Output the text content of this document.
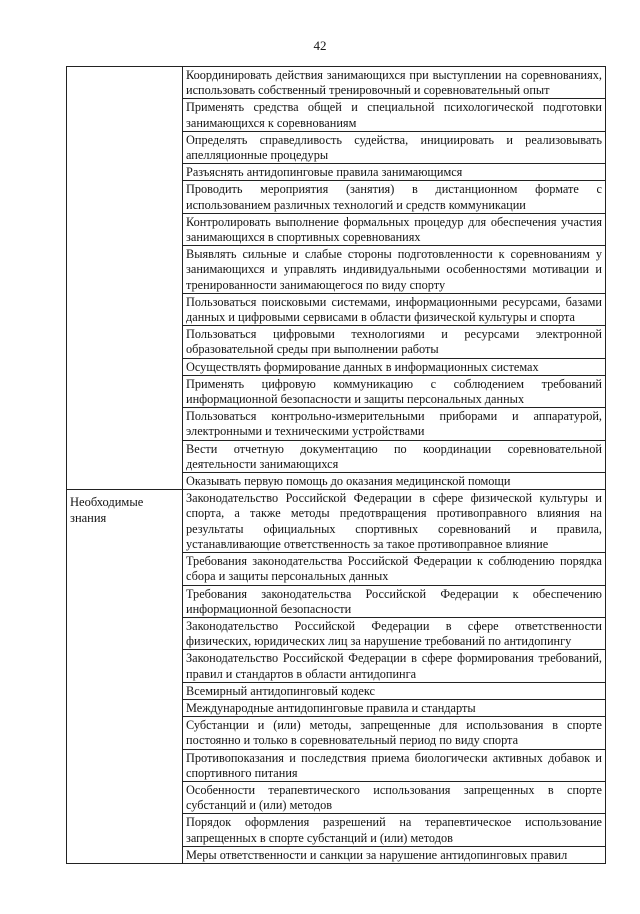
42

	Координировать действия занимающихся при выступлении на соревнованиях, использовать собственный тренировочный и соревновательный опыт

	Применять средства общей и специальной психологической подготовки занимающихся к соревнованиям

	Определять справедливость судейства, инициировать и реализовывать апелляционные процедуры

	Разъяснять антидопинговые правила занимающимся

	Проводить мероприятия (занятия) в дистанционном формате с использованием различных технологий и средств коммуникации

	Контролировать выполнение формальных процедур для обеспечения участия занимающихся в спортивных соревнованиях

	Выявлять сильные и слабые стороны подготовленности к соревнованиям у занимающихся и управлять индивидуальными особенностями мотивации и тренированности занимающегося по виду спорту

	Пользоваться поисковыми системами, информационными ресурсами, базами данных и цифровыми сервисами в области физической культуры и спорта

	Пользоваться цифровыми технологиями и ресурсами электронной образовательной среды при выполнении работы

	Осуществлять формирование данных в информационных системах

	Применять цифровую коммуникацию с соблюдением требований информационной безопасности и защиты персональных данных

	Пользоваться контрольно-измерительными приборами и аппаратурой, электронными и техническими устройствами

	Вести отчетную документацию по координации соревновательной деятельности занимающихся

	Оказывать первую помощь до оказания медицинской помощи

Необходимые знания	Законодательство Российской Федерации в сфере физической культуры и спорта, а также методы предотвращения противоправного влияния на результаты официальных спортивных соревнований и правила, устанавливающие ответственность за такое противоправное влияние

	Требования законодательства Российской Федерации к соблюдению порядка сбора и защиты персональных данных

	Требования законодательства Российской Федерации к обеспечению информационной безопасности

	Законодательство Российской Федерации в сфере ответственности физических, юридических лиц за нарушение требований по антидопингу

	Законодательство Российской Федерации в сфере формирования требований, правил и стандартов в области антидопинга

	Всемирный антидопинговый кодекс

	Международные антидопинговые правила и стандарты

	Субстанции и (или) методы, запрещенные для использования в спорте постоянно и только в соревновательный период по виду спорта

	Противопоказания и последствия приема биологически активных добавок и спортивного питания

	Особенности терапевтического использования запрещенных в спорте субстанций и (или) методов

	Порядок оформления разрешений на терапевтическое использование запрещенных в спорте субстанций и (или) методов

	Меры ответственности и санкции за нарушение антидопинговых правил
